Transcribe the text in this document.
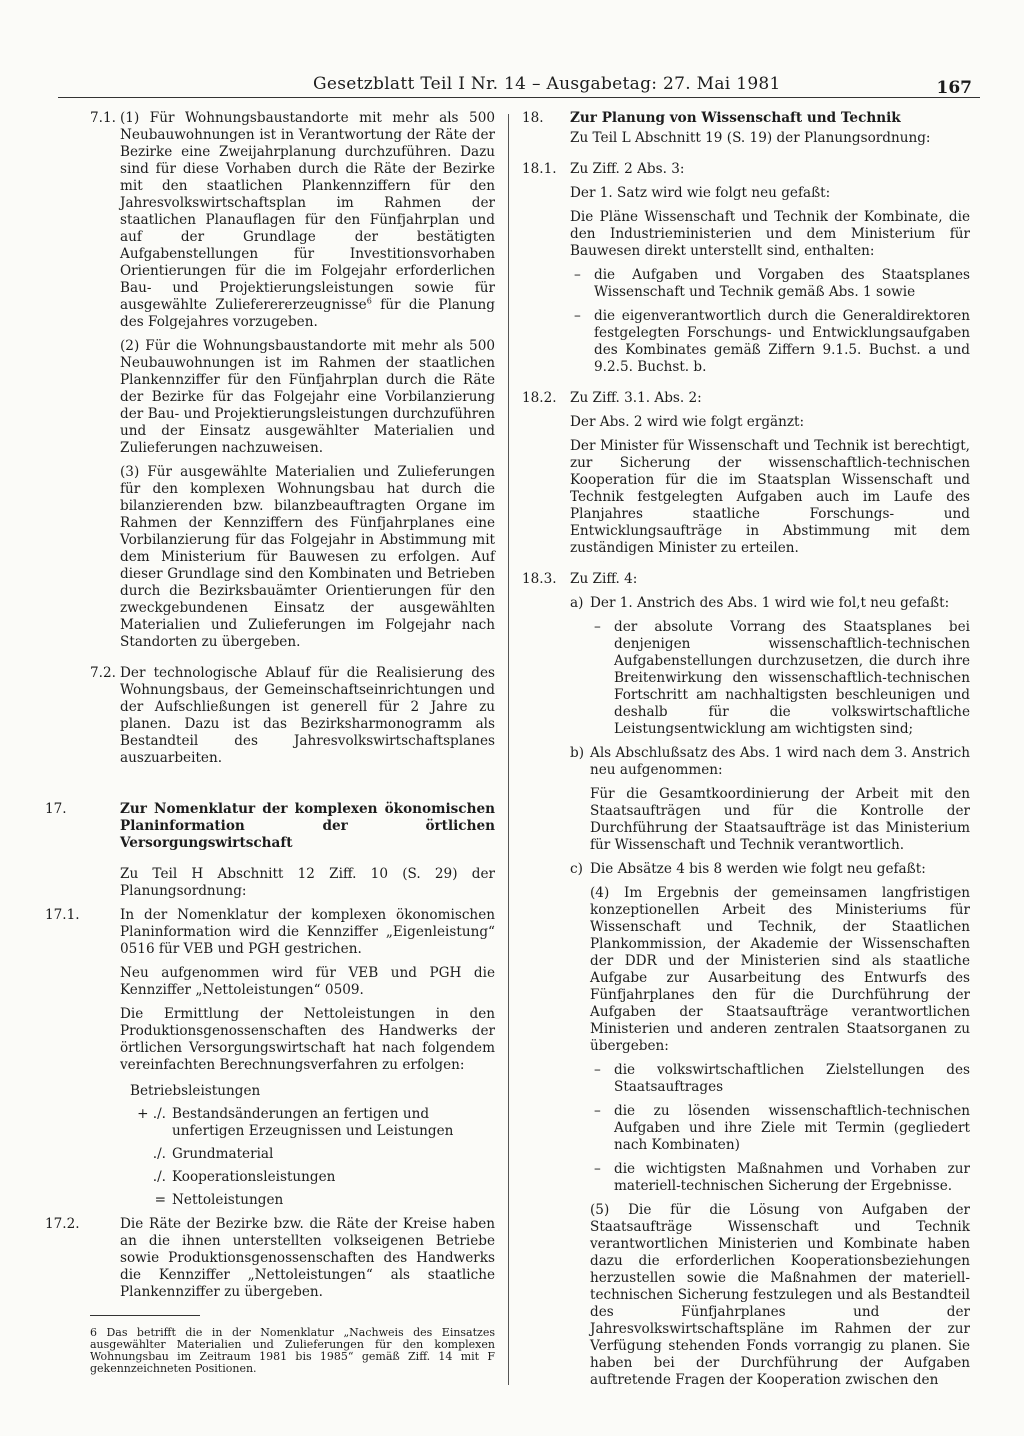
Gesetzblatt Teil I Nr. 14 – Ausgabetag: 27. Mai 1981	167
7.1. (1) Für Wohnungsbaustandorte mit mehr als 500 Neubauwohnungen ist in Verantwortung der Räte der Bezirke eine Zweijahrplanung durchzuführen. Dazu sind für diese Vorhaben durch die Räte der Bezirke mit den staatlichen Plankennziffern für den Jahresvolkswirtschaftsplan im Rahmen der staatlichen Planauflagen für den Fünfjahrplan und auf der Grundlage der bestätigten Aufgabenstellungen für Investitionsvorhaben Orientierungen für die im Folgejahr erforderlichen Bau- und Projektierungsleistungen sowie für ausgewählte Zulieferererzeugnisse$^6$ für die Planung des Folgejahres vorzugeben.

(2) Für die Wohnungsbaustandorte mit mehr als 500 Neubauwohnungen ist im Rahmen der staatlichen Plankennziffer für den Fünfjahrplan durch die Räte der Bezirke für das Folgejahr eine Vorbilanzierung der Bau- und Projektierungsleistungen durchzuführen und der Einsatz ausgewählter Materialien und Zulieferungen nachzuweisen.

(3) Für ausgewählte Materialien und Zulieferungen für den komplexen Wohnungsbau hat durch die bilanzierenden bzw. bilanzbeauftragten Organe im Rahmen der Kennziffern des Fünfjahrplanes eine Vorbilanzierung für das Folgejahr in Abstimmung mit dem Ministerium für Bauwesen zu erfolgen. Auf dieser Grundlage sind den Kombinaten und Betrieben durch die Bezirksbauämter Orientierungen für den zweckgebundenen Einsatz der ausgewählten Materialien und Zulieferungen im Folgejahr nach Standorten zu übergeben.

7.2. Der technologische Ablauf für die Realisierung des Wohnungsbaus, der Gemeinschaftseinrichtungen und der Aufschließungen ist generell für 2 Jahre zu planen. Dazu ist das Bezirksharmonogramm als Bestandteil des Jahresvolkswirtschaftsplanes auszuarbeiten.

17.	Zur Nomenklatur der komplexen ökonomischen Planinformation der örtlichen Versorgungswirtschaft

Zu Teil H Abschnitt 12 Ziff. 10 (S. 29) der Planungsordnung:

17.1.	In der Nomenklatur der komplexen ökonomischen Planinformation wird die Kennziffer „Eigenleistung“ 0516 für VEB und PGH gestrichen.

Neu aufgenommen wird für VEB und PGH die Kennziffer „Nettoleistungen“ 0509.

Die Ermittlung der Nettoleistungen in den Produktionsgenossenschaften des Handwerks der örtlichen Versorgungswirtschaft hat nach folgendem vereinfachten Berechnungsverfahren zu erfolgen:

Betriebsleistungen
+ ./. Bestandsänderungen an fertigen und unfertigen Erzeugnissen und Leistungen
./. Grundmaterial
./. Kooperationsleistungen
= Nettoleistungen
17.2.	Die Räte der Bezirke bzw. die Räte der Kreise haben an die ihnen unterstellten volkseigenen Betriebe sowie Produktionsgenossenschaften des Handwerks die Kennziffer „Nettoleistungen“ als staatliche Plankennziffer zu übergeben.

6 Das betrifft die in der Nomenklatur „Nachweis des Einsatzes ausgewählter Materialien und Zulieferungen für den komplexen Wohnungsbau im Zeitraum 1981 bis 1985“ gemäß Ziff. 14 mit F gekennzeichneten Positionen.

18. Zur Planung von Wissenschaft und Technik

Zu Teil L Abschnitt 19 (S. 19) der Planungsordnung:

18.1. Zu Ziff. 2 Abs. 3:

Der 1. Satz wird wie folgt neu gefaßt:

Die Pläne Wissenschaft und Technik der Kombinate, die den Industrieministerien und dem Ministerium für Bauwesen direkt unterstellt sind, enthalten:

– die Aufgaben und Vorgaben des Staatsplanes Wissenschaft und Technik gemäß Abs. 1 sowie

– die eigenverantwortlich durch die Generaldirektoren festgelegten Forschungs- und Entwicklungsaufgaben des Kombinates gemäß Ziffern 9.1.5. Buchst. a und 9.2.5. Buchst. b.

18.2. Zu Ziff. 3.1. Abs. 2:

Der Abs. 2 wird wie folgt ergänzt:

Der Minister für Wissenschaft und Technik ist berechtigt, zur Sicherung der wissenschaftlich-technischen Kooperation für die im Staatsplan Wissenschaft und Technik festgelegten Aufgaben auch im Laufe des Planjahres staatliche Forschungs- und Entwicklungsaufträge in Abstimmung mit dem zuständigen Minister zu erteilen.

18.3. Zu Ziff. 4:

a) Der 1. Anstrich des Abs. 1 wird wie fol,t neu gefaßt:

– der absolute Vorrang des Staatsplanes bei denjenigen wissenschaftlich-technischen Aufgabenstellungen durchzusetzen, die durch ihre Breitenwirkung den wissenschaftlich-technischen Fortschritt am nachhaltigsten beschleunigen und deshalb für die volkswirtschaftliche Leistungsentwicklung am wichtigsten sind;

b) Als Abschlußsatz des Abs. 1 wird nach dem 3. Anstrich neu aufgenommen:

Für die Gesamtkoordinierung der Arbeit mit den Staatsaufträgen und für die Kontrolle der Durchführung der Staatsaufträge ist das Ministerium für Wissenschaft und Technik verantwortlich.

c) Die Absätze 4 bis 8 werden wie folgt neu gefaßt:

(4) Im Ergebnis der gemeinsamen langfristigen konzeptionellen Arbeit des Ministeriums für Wissenschaft und Technik, der Staatlichen Plankommission, der Akademie der Wissenschaften der DDR und der Ministerien sind als staatliche Aufgabe zur Ausarbeitung des Entwurfs des Fünfjahrplanes den für die Durchführung der Aufgaben der Staatsaufträge verantwortlichen Ministerien und anderen zentralen Staatsorganen zu übergeben:

– die volkswirtschaftlichen Zielstellungen des Staatsauftrages

– die zu lösenden wissenschaftlich-technischen Aufgaben und ihre Ziele mit Termin (gegliedert nach Kombinaten)

– die wichtigsten Maßnahmen und Vorhaben zur materiell-technischen Sicherung der Ergebnisse.

(5) Die für die Lösung von Aufgaben der Staatsaufträge Wissenschaft und Technik verantwortlichen Ministerien und Kombinate haben dazu die erforderlichen Kooperationsbeziehungen herzustellen sowie die Maßnahmen der materiell-technischen Sicherung festzulegen und als Bestandteil des Fünfjahrplanes und der Jahresvolkswirtschaftspläne im Rahmen der zur Verfügung stehenden Fonds vorrangig zu planen. Sie haben bei der Durchführung der Aufgaben auftretende Fragen der Kooperation zwischen den
